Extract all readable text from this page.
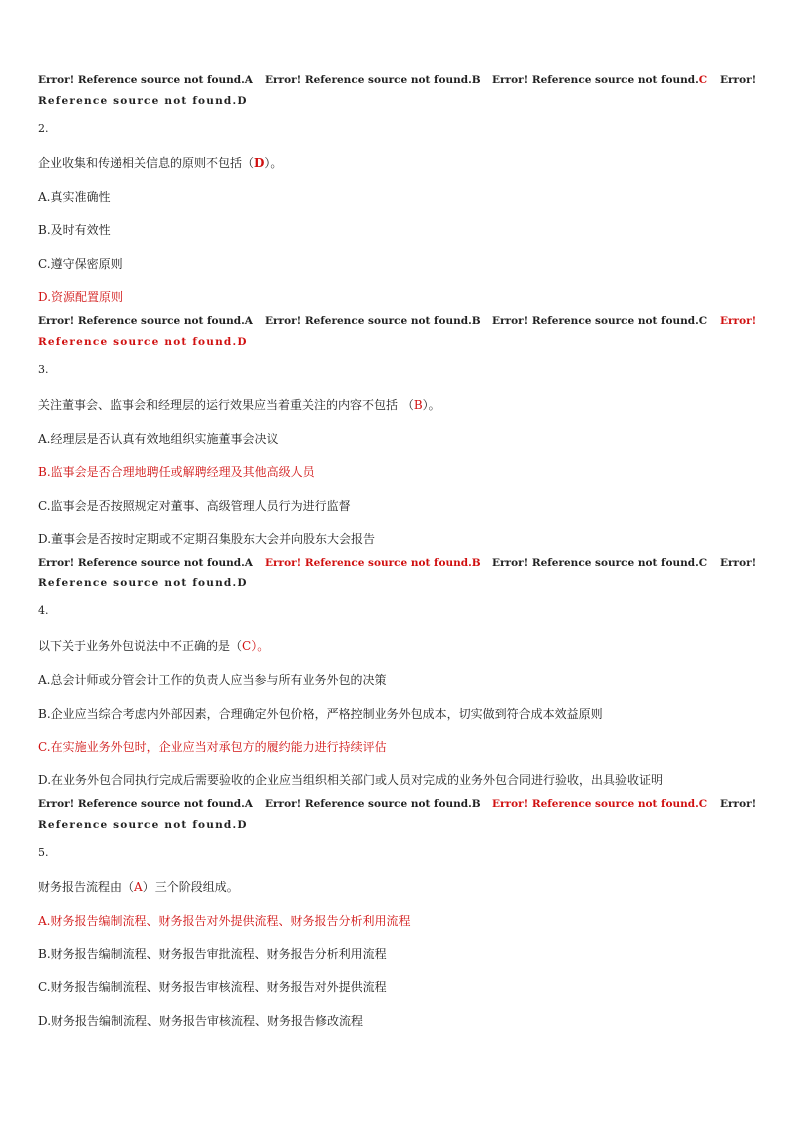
Error! Reference source not found.A Error! Reference source not found.B Error! Reference source not found.C Error!
Reference source not found.D
2.
企业收集和传递相关信息的原则不包括（D）。
A.真实准确性
B.及时有效性
C.遵守保密原则
D.资源配置原则
Error! Reference source not found.A Error! Reference source not found.B Error! Reference source not found.C Error!
Reference source not found.D
3.
关注董事会、监事会和经理层的运行效果应当着重关注的内容不包括 （B）。
A.经理层是否认真有效地组织实施董事会决议
B.监事会是否合理地聘任或解聘经理及其他高级人员
C.监事会是否按照规定对董事、高级管理人员行为进行监督
D.董事会是否按时定期或不定期召集股东大会并向股东大会报告
Error! Reference source not found.A Error! Reference source not found.B Error! Reference source not found.C Error!
Reference source not found.D
4.
以下关于业务外包说法中不正确的是（C）。
A.总会计师或分管会计工作的负责人应当参与所有业务外包的决策
B.企业应当综合考虑内外部因素，合理确定外包价格，严格控制业务外包成本，切实做到符合成本效益原则
C.在实施业务外包时，企业应当对承包方的履约能力进行持续评估
D.在业务外包合同执行完成后需要验收的企业应当组织相关部门或人员对完成的业务外包合同进行验收，出具验收证明
Error! Reference source not found.A Error! Reference source not found.B Error! Reference source not found.C Error!
Reference source not found.D
5.
财务报告流程由（A）三个阶段组成。
A.财务报告编制流程、财务报告对外提供流程、财务报告分析利用流程
B.财务报告编制流程、财务报告审批流程、财务报告分析利用流程
C.财务报告编制流程、财务报告审核流程、财务报告对外提供流程
D.财务报告编制流程、财务报告审核流程、财务报告修改流程
